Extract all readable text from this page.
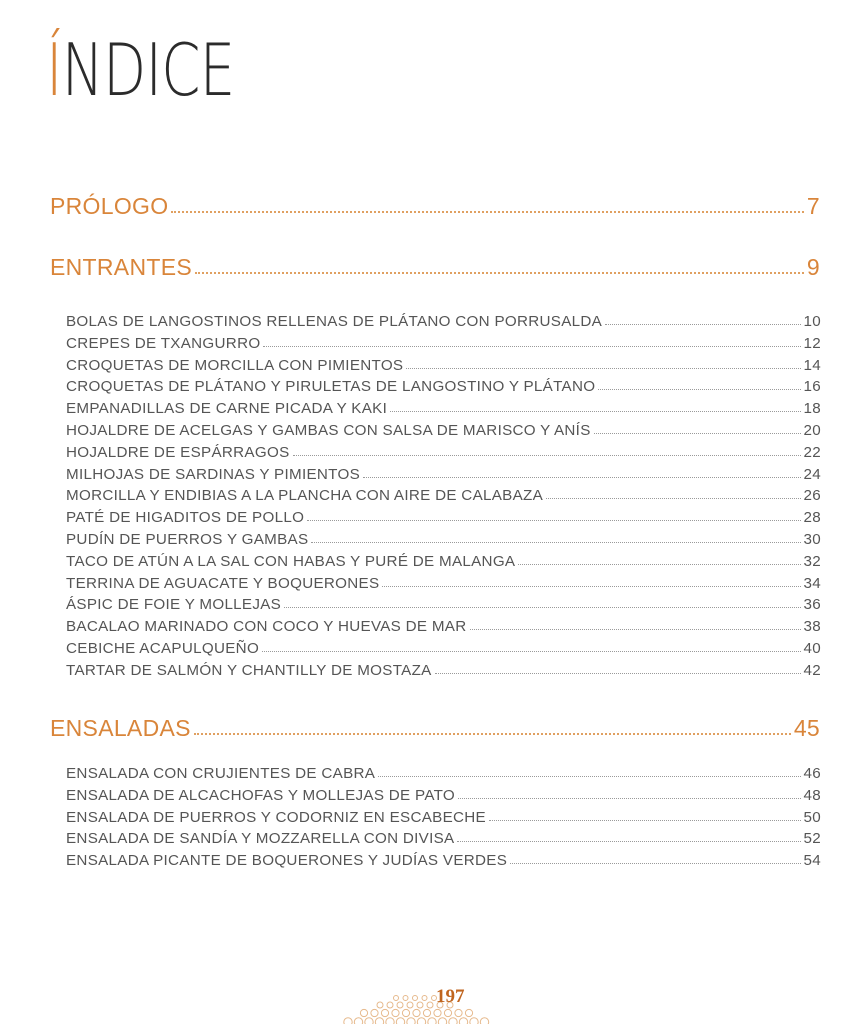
ÍNDICE
PRÓLOGO	7
ENTRANTES	9
BOLAS DE LANGOSTINOS RELLENAS DE PLÁTANO CON PORRUSALDA	10
CREPES DE TXANGURRO	12
CROQUETAS DE MORCILLA CON PIMIENTOS	14
CROQUETAS DE PLÁTANO Y PIRULETAS DE LANGOSTINO Y PLÁTANO	16
EMPANADILLAS DE CARNE PICADA Y KAKI	18
HOJALDRE DE ACELGAS Y GAMBAS CON SALSA DE MARISCO Y ANÍS	20
HOJALDRE DE ESPÁRRAGOS	22
MILHOJAS DE SARDINAS Y PIMIENTOS	24
MORCILLA Y ENDIBIAS A LA PLANCHA CON AIRE DE CALABAZA	26
PATÉ DE HIGADITOS DE POLLO	28
PUDÍN DE PUERROS Y GAMBAS	30
TACO DE ATÚN A LA SAL CON HABAS Y PURÉ DE MALANGA	32
TERRINA DE AGUACATE Y BOQUERONES	34
ÁSPIC DE FOIE Y MOLLEJAS	36
BACALAO MARINADO CON COCO Y HUEVAS DE MAR	38
CEBICHE ACAPULQUEÑO	40
TARTAR DE SALMÓN Y CHANTILLY DE MOSTAZA	42
ENSALADAS	45
ENSALADA CON CRUJIENTES DE CABRA	46
ENSALADA DE ALCACHOFAS Y MOLLEJAS DE PATO	48
ENSALADA DE PUERROS Y CODORNIZ EN ESCABECHE	50
ENSALADA DE SANDÍA Y MOZZARELLA CON DIVISA	52
ENSALADA PICANTE DE BOQUERONES Y JUDÍAS VERDES	54
197
